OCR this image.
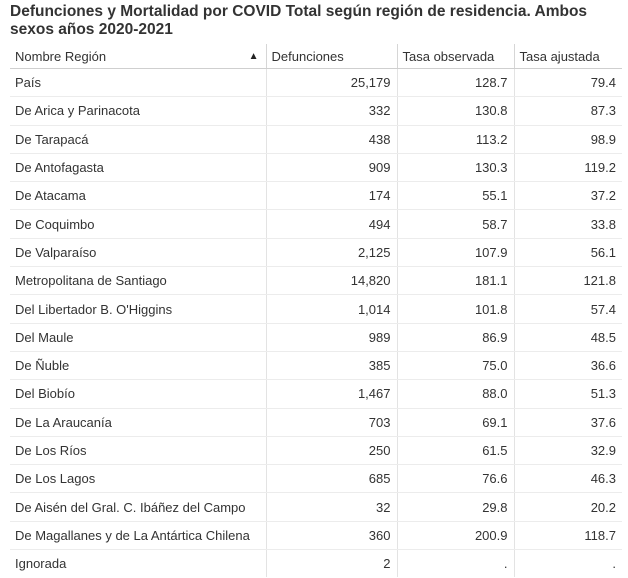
Defunciones y Mortalidad por COVID Total según región de residencia. Ambos sexos años 2020-2021
Nombre Región ▲	Defunciones	Tasa observada	Tasa ajustada
País	25,179	128.7	79.4
De Arica y Parinacota	332	130.8	87.3
De Tarapacá	438	113.2	98.9
De Antofagasta	909	130.3	119.2
De Atacama	174	55.1	37.2
De Coquimbo	494	58.7	33.8
De Valparaíso	2,125	107.9	56.1
Metropolitana de Santiago	14,820	181.1	121.8
Del Libertador B. O'Higgins	1,014	101.8	57.4
Del Maule	989	86.9	48.5
De Ñuble	385	75.0	36.6
Del Biobío	1,467	88.0	51.3
De La Araucanía	703	69.1	37.6
De Los Ríos	250	61.5	32.9
De Los Lagos	685	76.6	46.3
De Aisén del Gral. C. Ibáñez del Campo	32	29.8	20.2
De Magallanes y de La Antártica Chilena	360	200.9	118.7
Ignorada	2	.	.
